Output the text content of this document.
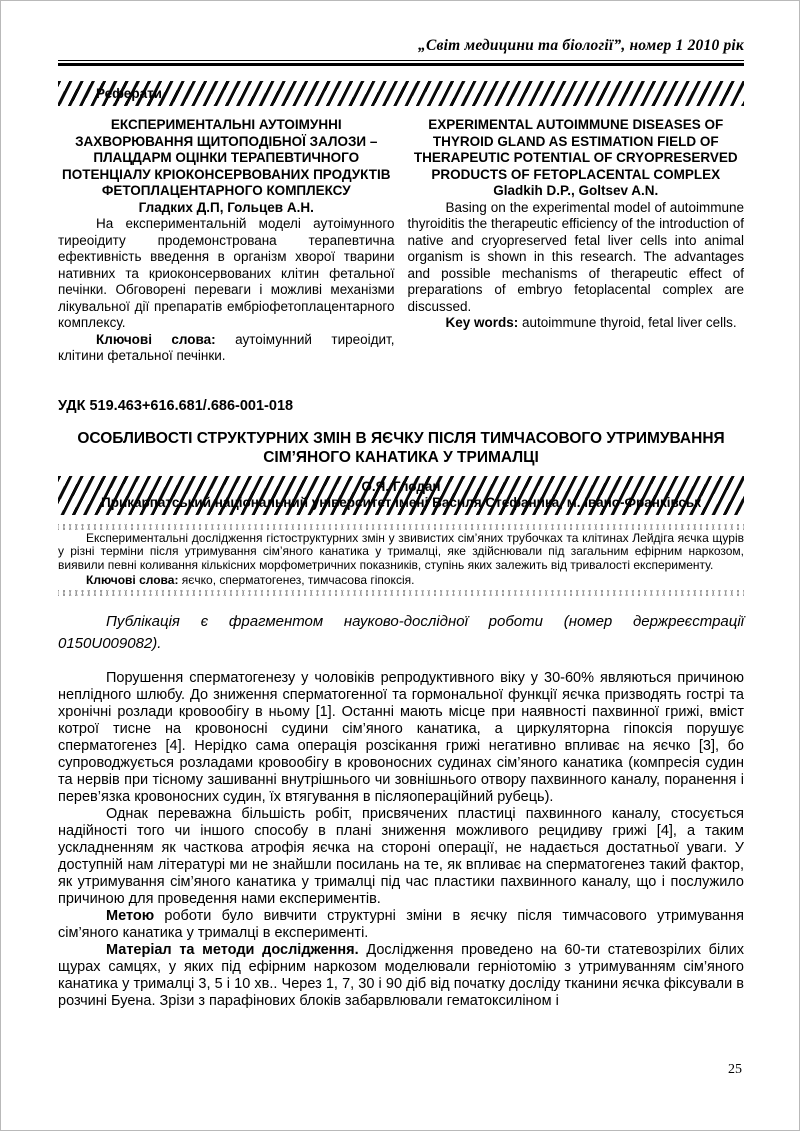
„Світ медицини та біології”, номер 1 2010 рік
Реферати
ЕКСПЕРИМЕНТАЛЬНІ АУТОІМУННІ ЗАХВОРЮВАННЯ ЩИТОПОДІБНОЇ ЗАЛОЗИ – ПЛАЦДАРМ ОЦІНКИ ТЕРАПЕВТИЧНОГО ПОТЕНЦІАЛУ КРІОКОНСЕРВОВАНИХ ПРОДУКТІВ ФЕТОПЛАЦЕНТАРНОГО КОМПЛЕКСУ
Гладких Д.П, Гольцев А.Н.

На експериментальній моделі аутоімунного тиреоідиту продемонстрована терапевтична ефективність введення в організм хворої тварини нативних та криоконсервованих клітин фетальної печінки. Обговорені переваги і можливі механізми лікувальної дії препаратів ембріофетоплацентарного комплексу.

Ключові слова: аутоімунний тиреоідит, клітини фетальної печінки.

EXPERIMENTAL AUTOIMMUNE DISEASES OF THYROID GLAND AS ESTIMATION FIELD OF THERAPEUTIC POTENTIAL OF CRYOPRESERVED PRODUCTS OF FETOPLACENTAL COMPLEX
Gladkih D.P., Goltsev A.N.

Basing on the experimental model of autoimmune thyroiditis the therapeutic efficiency of the introduction of native and cryopreserved fetal liver cells into animal organism is shown in this research. The advantages and possible mechanisms of therapeutic effect of preparations of embryo fetoplacental complex are discussed.

Key words: autoimmune thyroid, fetal liver cells.

УДК 519.463+616.681/.686-001-018
ОСОБЛИВОСТІ СТРУКТУРНИХ ЗМІН В ЯЄЧКУ ПІСЛЯ ТИМЧАСОВОГО УТРИМУВАННЯ СІМ’ЯНОГО КАНАТИКА У ТРИМАЛЦІ
О.Я. Глодан
Прикарпатський національний університет імені Василя Стефаника, м. Івано-Франківськ

Експериментальні дослідження гістоструктурних змін у звивистих сім’яних трубочках та клітинах Лейдіга яєчка щурів у різні терміни після утримування сім’яного канатика у трималці, яке здійснювали під загальним ефірним наркозом, виявили певні коливання кількісних морфометричних показників, ступінь яких залежить від тривалості експерименту.

Ключові слова: яєчко, сперматогенез, тимчасова гіпоксія.

Публікація є фрагментом науково-дослідної роботи (номер держреєстрації 0150U009082).

Порушення сперматогенезу у чоловіків репродуктивного віку у 30-60% являються причиною неплідного шлюбу. До зниження сперматогенної та гормональної функції яєчка призводять гострі та хронічні розлади кровообігу в ньому [1]. Останні мають місце при наявності пахвинної грижі, вміст котрої тисне на кровоносні судини сім’яного канатика, а циркуляторна гіпоксія порушує сперматогенез [4]. Нерідко сама операція розсікання грижі негативно впливає на яєчко [3], бо супроводжується розладами кровообігу в кровоносних судинах сім’яного канатика (компресія судин та нервів при тісному зашиванні внутрішнього чи зовнішнього отвору пахвинного каналу, поранення і перев’язка кровоносних судин, їх втягування в післяопераційний рубець).

Однак переважна більшість робіт, присвячених пластиці пахвинного каналу, стосується надійності того чи іншого способу в плані зниження можливого рецидиву грижі [4], а таким ускладненням як часткова атрофія яєчка на стороні операції, не надається достатньої уваги. У доступній нам літературі ми не знайшли посилань на те, як впливає на сперматогенез такий фактор, як утримування сім’яного канатика у трималці під час пластики пахвинного каналу, що і послужило причиною для проведення нами експериментів.

Метою роботи було вивчити структурні зміни в яєчку після тимчасового утримування сім’яного канатика у трималці в експерименті.

Матеріал та методи дослідження. Дослідження проведено на 60-ти статевозрілих білих щурах самцях, у яких під ефірним наркозом моделювали герніотомію з утримуванням сім’яного канатика у трималці 3, 5 і 10 хв.. Через 1, 7, 30 і 90 діб від початку досліду тканини яєчка фіксували в розчині Буена. Зрізи з парафінових блоків забарвлювали гематоксиліном і

25
